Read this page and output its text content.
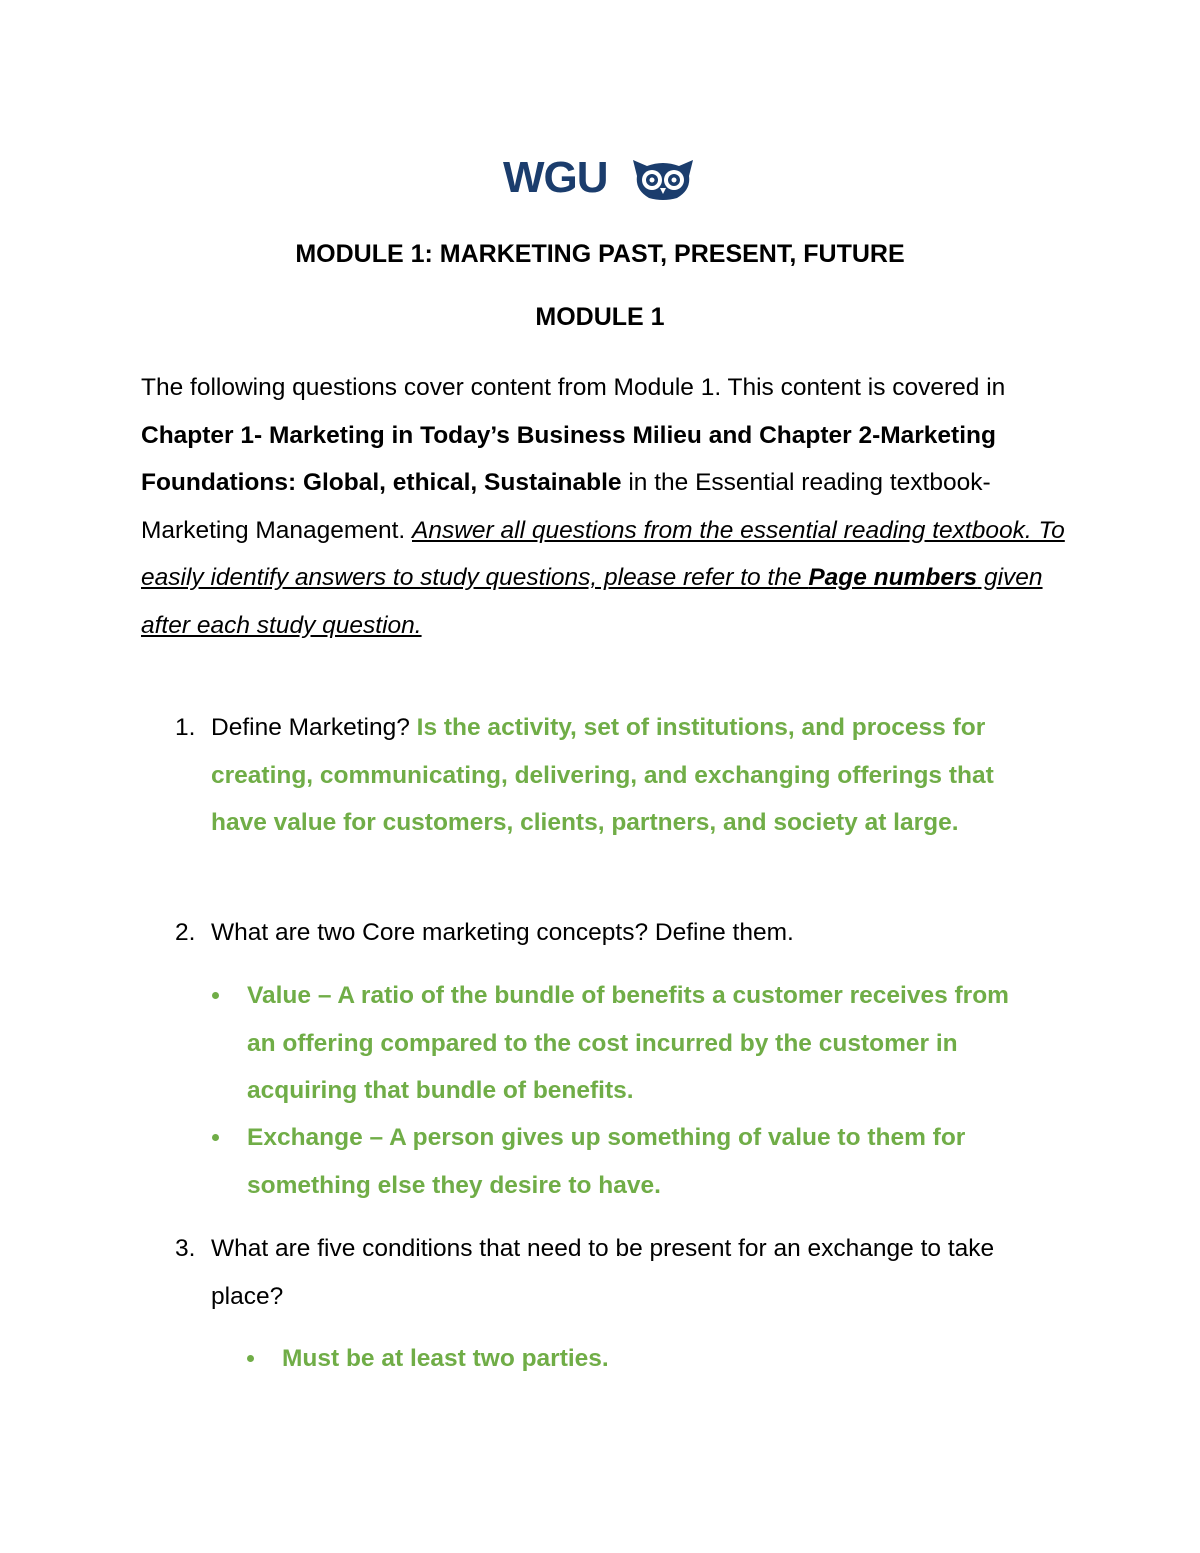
WGU
MODULE 1: MARKETING PAST, PRESENT, FUTURE
MODULE 1

The following questions cover content from Module 1. This content is covered in Chapter 1- Marketing in Today’s Business Milieu and Chapter 2-Marketing Foundations: Global, ethical, Sustainable in the Essential reading textbook- Marketing Management. Answer all questions from the essential reading textbook. To easily identify answers to study questions, please refer to the Page numbers given after each study question.

1. Define Marketing? Is the activity, set of institutions, and process for creating, communicating, delivering, and exchanging offerings that have value for customers, clients, partners, and society at large.
2. What are two Core marketing concepts? Define them.
Value – A ratio of the bundle of benefits a customer receives from an offering compared to the cost incurred by the customer in acquiring that bundle of benefits.
Exchange – A person gives up something of value to them for something else they desire to have.
3. What are five conditions that need to be present for an exchange to take place?
Must be at least two parties.
